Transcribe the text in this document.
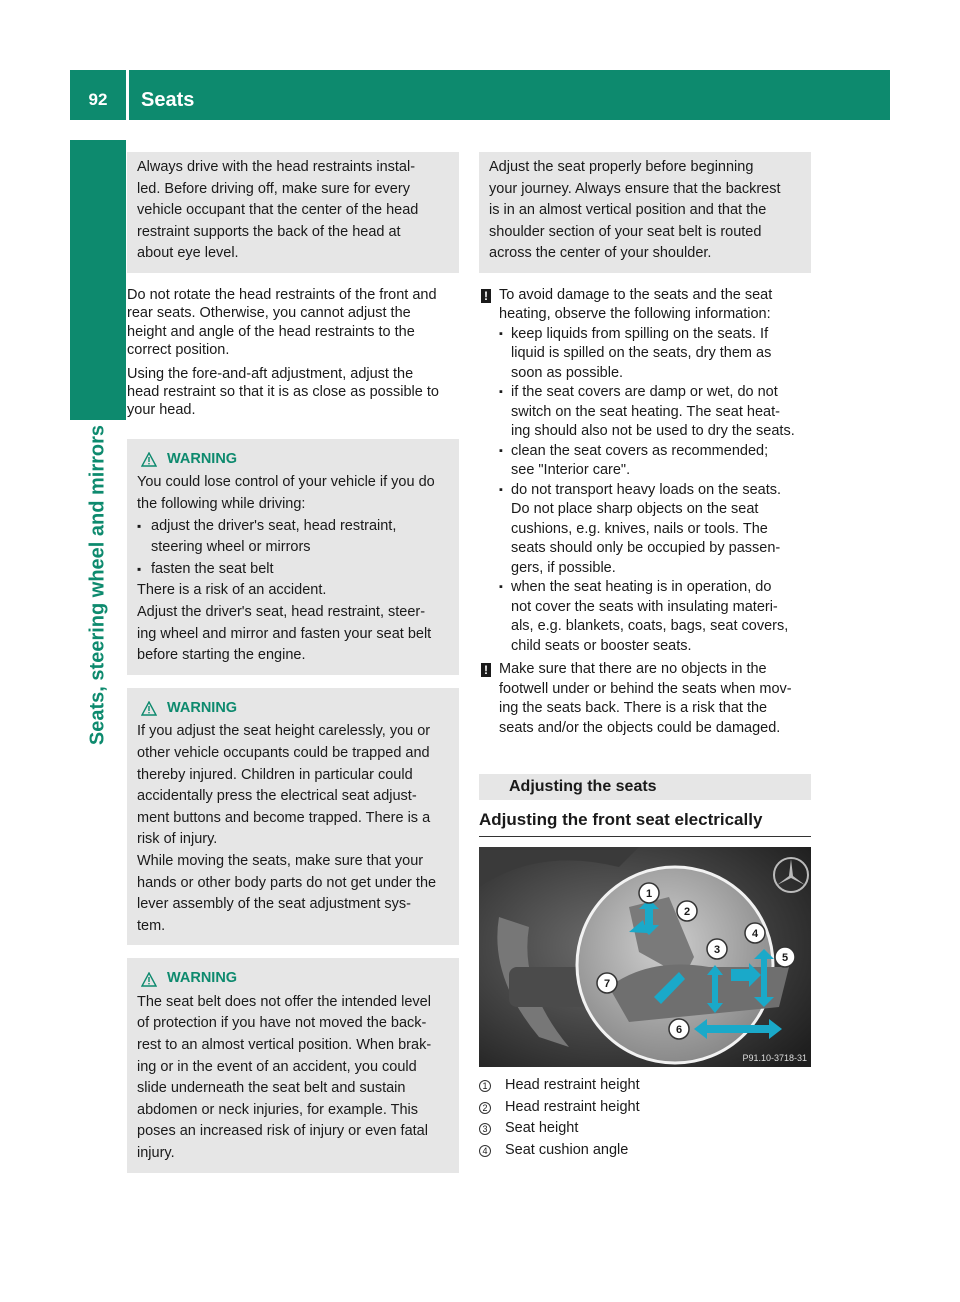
92	Seats
Seats, steering wheel and mirrors

Always drive with the head restraints instal-

led. Before driving off, make sure for every

vehicle occupant that the center of the head

restraint supports the back of the head at

about eye level.

Do not rotate the head restraints of the front and

rear seats. Otherwise, you cannot adjust the

height and angle of the head restraints to the

correct position.

Using the fore-and-aft adjustment, adjust the

head restraint so that it is as close as possible to

your head.

WARNING

You could lose control of your vehicle if you do

the following while driving:

▪ adjust the driver's seat, head restraint,

steering wheel or mirrors

▪ fasten the seat belt

There is a risk of an accident.

Adjust the driver's seat, head restraint, steer-

ing wheel and mirror and fasten your seat belt

before starting the engine.

WARNING

If you adjust the seat height carelessly, you or

other vehicle occupants could be trapped and

thereby injured. Children in particular could

accidentally press the electrical seat adjust-

ment buttons and become trapped. There is a

risk of injury.

While moving the seats, make sure that your

hands or other body parts do not get under the

lever assembly of the seat adjustment sys-

tem.

WARNING

The seat belt does not offer the intended level

of protection if you have not moved the back-

rest to an almost vertical position. When brak-

ing or in the event of an accident, you could

slide underneath the seat belt and sustain

abdomen or neck injuries, for example. This

poses an increased risk of injury or even fatal

injury.

Adjust the seat properly before beginning

your journey. Always ensure that the backrest

is in an almost vertical position and that the

shoulder section of your seat belt is routed

across the center of your shoulder.

! To avoid damage to the seats and the seat

heating, observe the following information:

▪ keep liquids from spilling on the seats. If

liquid is spilled on the seats, dry them as

soon as possible.

▪ if the seat covers are damp or wet, do not

switch on the seat heating. The seat heat-

ing should also not be used to dry the seats.

▪ clean the seat covers as recommended;

see "Interior care".

▪ do not transport heavy loads on the seats.

Do not place sharp objects on the seat

cushions, e.g. knives, nails or tools. The

seats should only be occupied by passen-

gers, if possible.

▪ when the seat heating is in operation, do

not cover the seats with insulating materi-

als, e.g. blankets, coats, bags, seat covers,

child seats or booster seats.

! Make sure that there are no objects in the

footwell under or behind the seats when mov-

ing the seats back. There is a risk that the

seats and/or the objects could be damaged.

Adjusting the seats
Adjusting the front seat electrically
1
2
3
4
5
6
7
P91.10-3718-31
1 Head restraint height
2 Head restraint height
3 Seat height
4 Seat cushion angle
